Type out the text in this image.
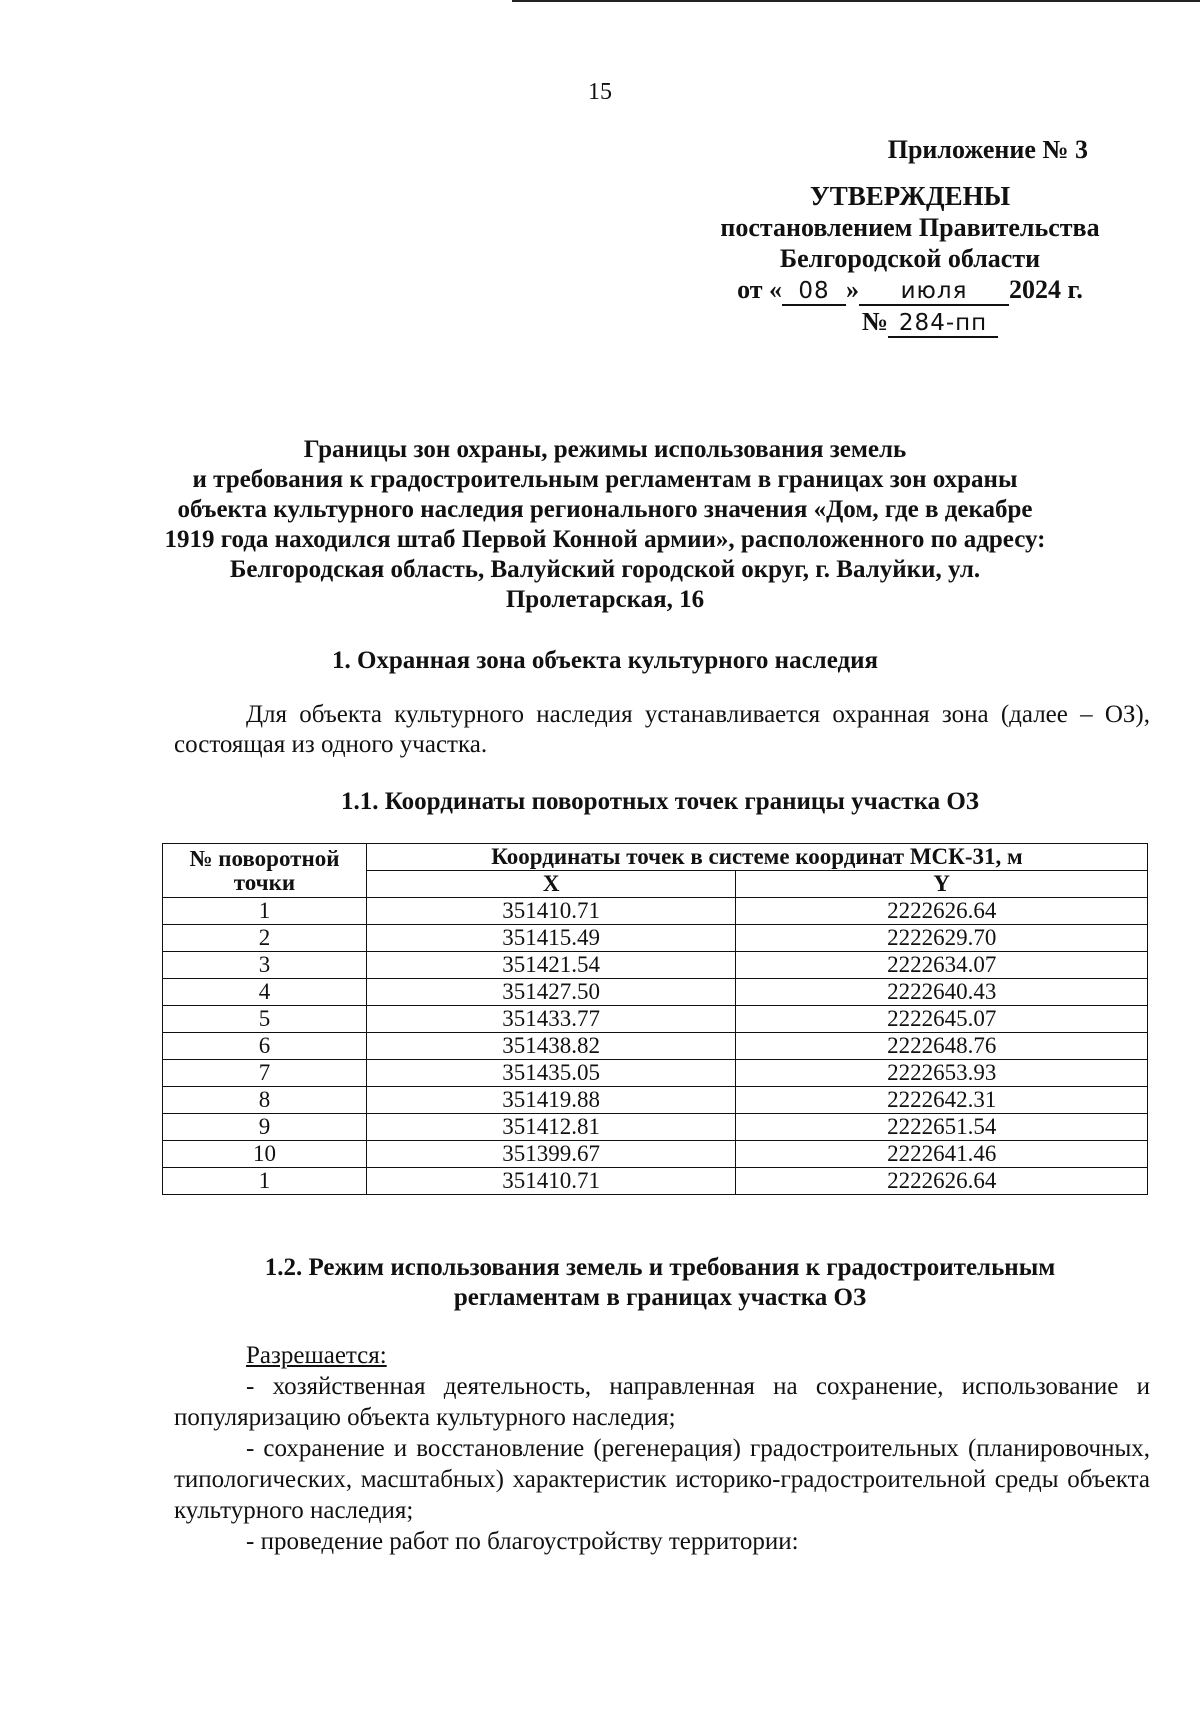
15
Приложение № 3
УТВЕРЖДЕНЫ
постановлением Правительства
Белгородской области
от « 08 » июля 2024 г.
№ 284-пп
Границы зон охраны, режимы использования земель
и требования к градостроительным регламентам в границах зон охраны
объекта культурного наследия регионального значения «Дом, где в декабре
1919 года находился штаб Первой Конной армии», расположенного по адресу:
Белгородская область, Валуйский городской округ, г. Валуйки, ул.
Пролетарская, 16
1. Охранная зона объекта культурного наследия
Для объекта культурного наследия устанавливается охранная зона (далее – ОЗ), состоящая из одного участка.
1.1. Координаты поворотных точек границы участка ОЗ
№ поворотной
точки	Координаты точек в системе координат МСК-31, м	
	X	Y
1	351410.71	2222626.64
2	351415.49	2222629.70
3	351421.54	2222634.07
4	351427.50	2222640.43
5	351433.77	2222645.07
6	351438.82	2222648.76
7	351435.05	2222653.93
8	351419.88	2222642.31
9	351412.81	2222651.54
10	351399.67	2222641.46
1	351410.71	2222626.64
1.2. Режим использования земель и требования к градостроительным
регламентам в границах участка ОЗ
Разрешается:
- хозяйственная деятельность, направленная на сохранение, использование и популяризацию объекта культурного наследия;
- сохранение и восстановление (регенерация) градостроительных (планировочных, типологических, масштабных) характеристик историко-градостроительной среды объекта культурного наследия;
- проведение работ по благоустройству территории:
